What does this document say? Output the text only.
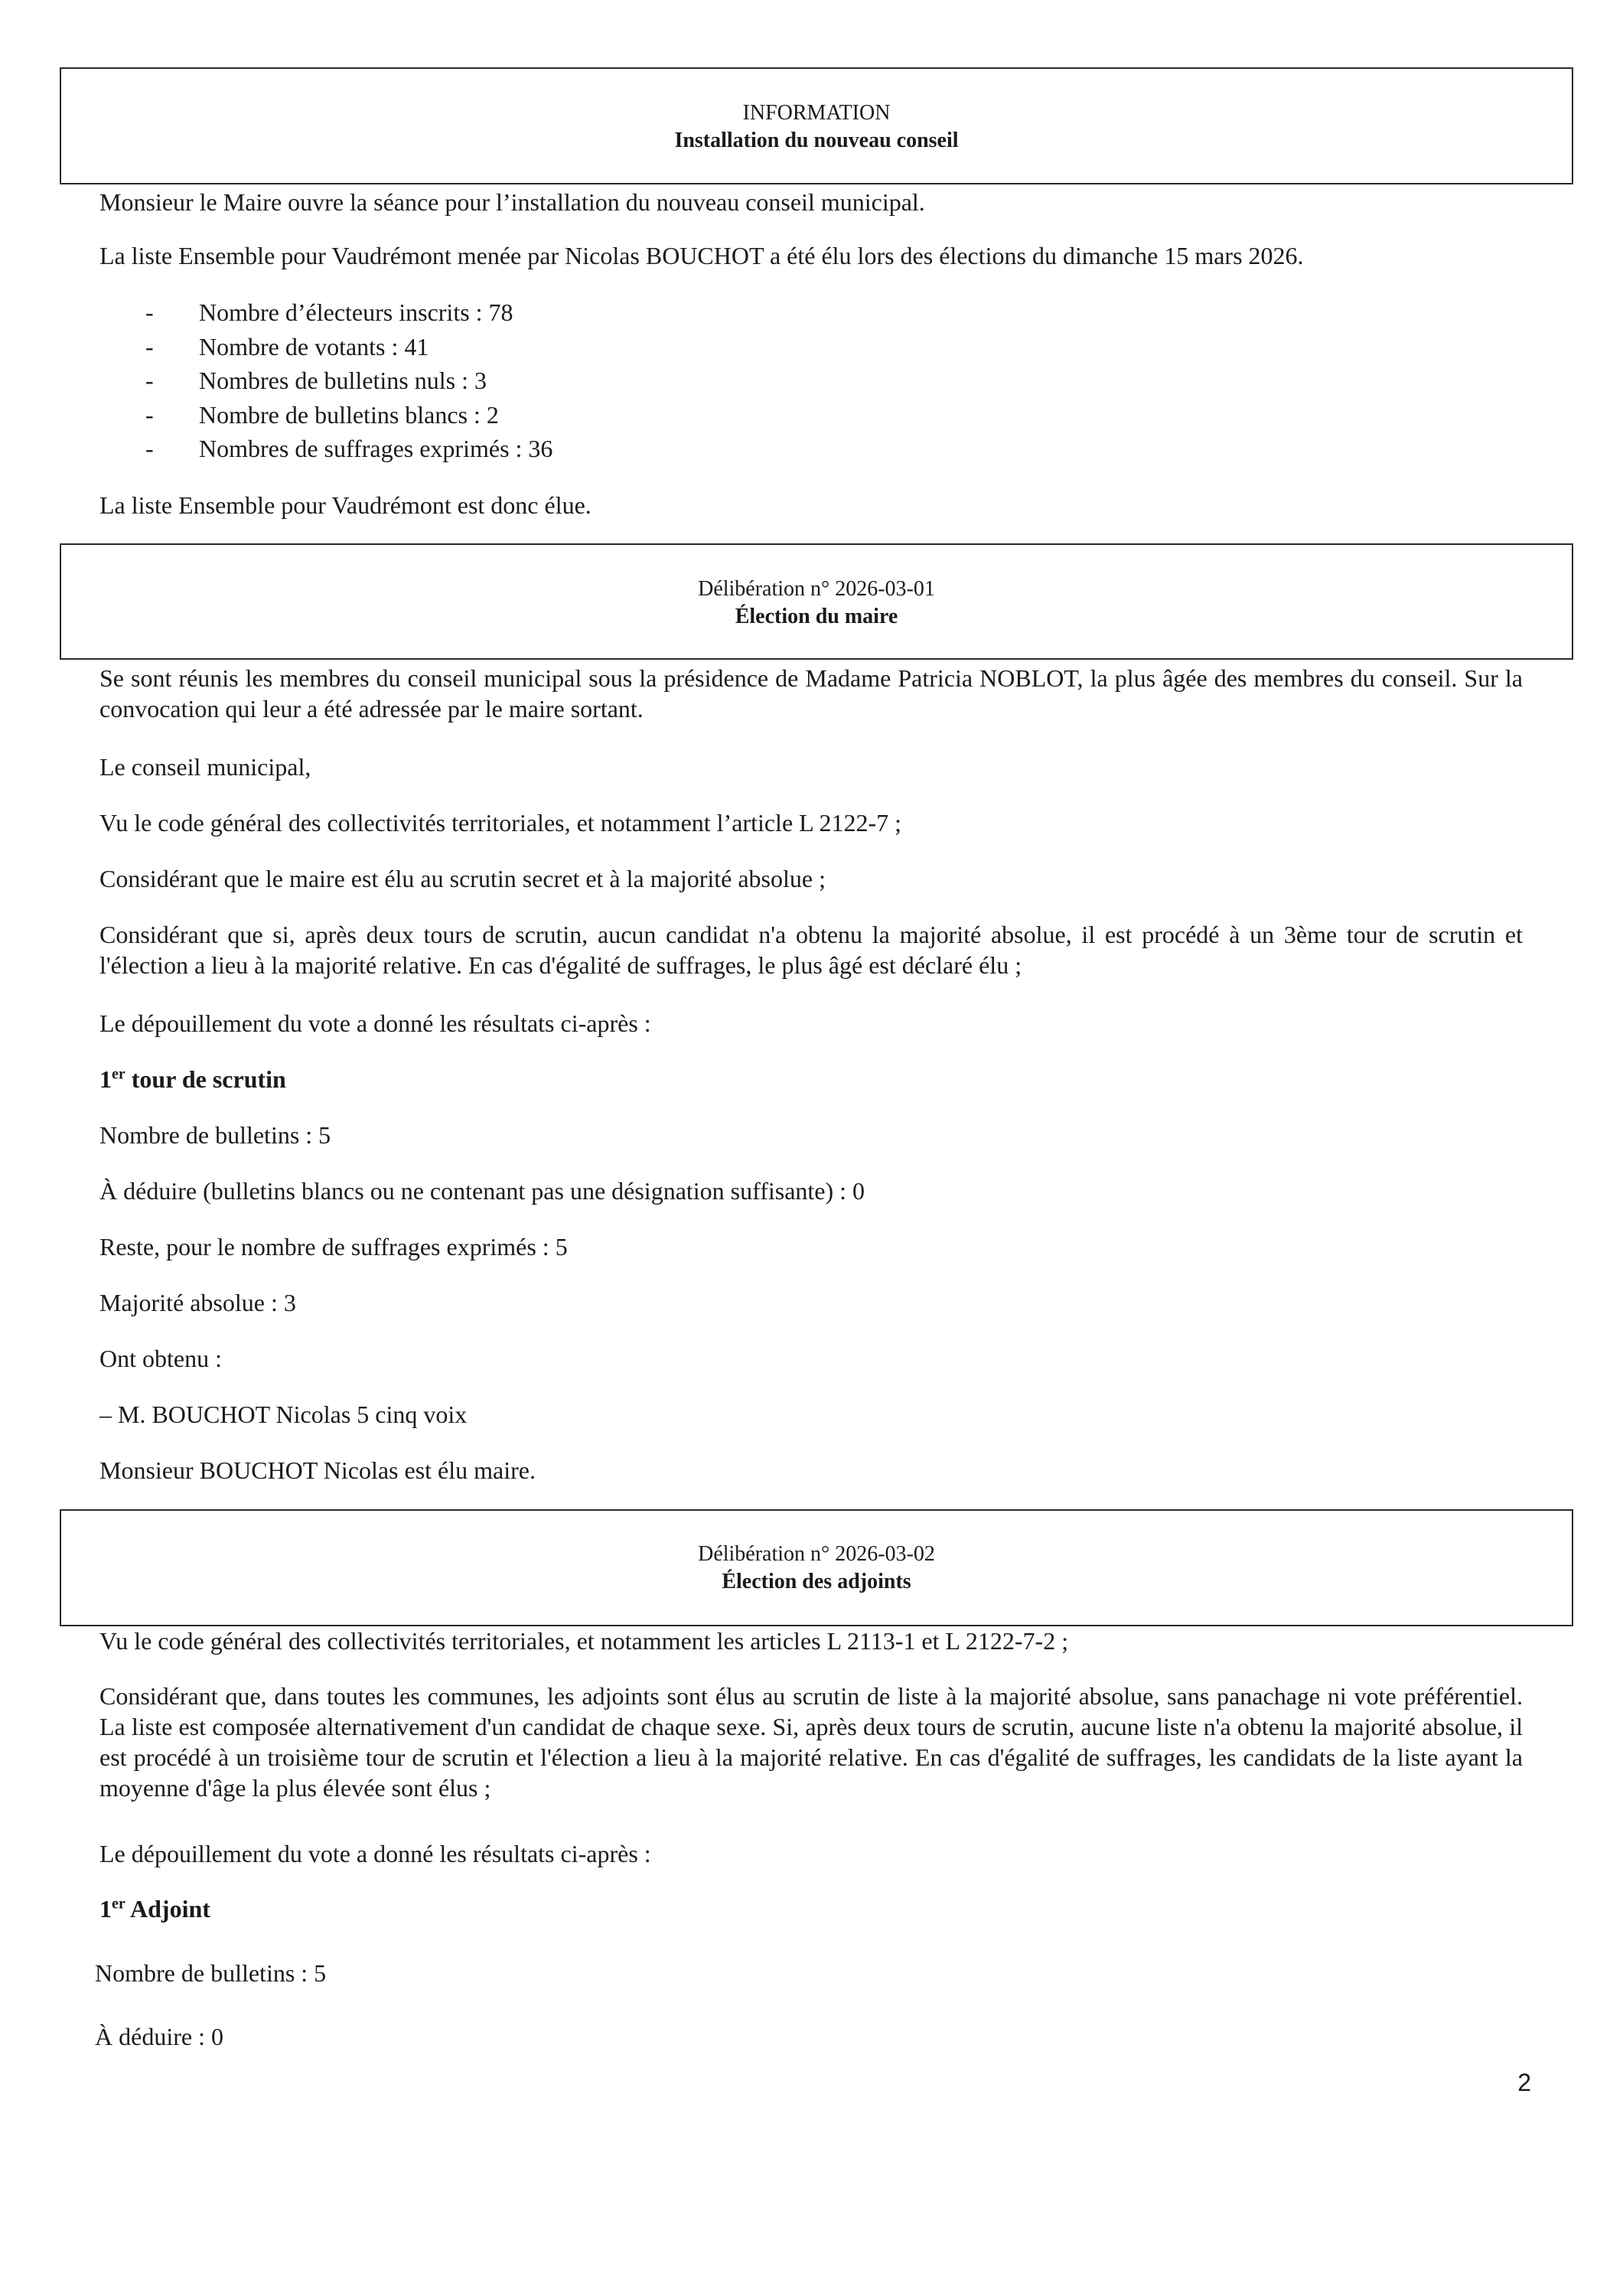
INFORMATION
Installation du nouveau conseil

Monsieur le Maire ouvre la séance pour l’installation du nouveau conseil municipal.

La liste Ensemble pour Vaudrémont menée par Nicolas BOUCHOT a été élu lors des élections du dimanche 15 mars 2026.

- Nombre d’électeurs inscrits : 78
- Nombre de votants : 41
- Nombres de bulletins nuls : 3
- Nombre de bulletins blancs : 2
- Nombres de suffrages exprimés : 36

La liste Ensemble pour Vaudrémont est donc élue.

Délibération n° 2026-03-01
Élection du maire

Se sont réunis les membres du conseil municipal sous la présidence de Madame Patricia NOBLOT, la plus âgée des membres du conseil. Sur la convocation qui leur a été adressée par le maire sortant.

Le conseil municipal,

Vu le code général des collectivités territoriales, et notamment l’article L 2122-7 ;

Considérant que le maire est élu au scrutin secret et à la majorité absolue ;

Considérant que si, après deux tours de scrutin, aucun candidat n'a obtenu la majorité absolue, il est procédé à un 3ème tour de scrutin et l'élection a lieu à la majorité relative. En cas d'égalité de suffrages, le plus âgé est déclaré élu ;

Le dépouillement du vote a donné les résultats ci-après :

1er tour de scrutin

Nombre de bulletins : 5

À déduire (bulletins blancs ou ne contenant pas une désignation suffisante) : 0

Reste, pour le nombre de suffrages exprimés : 5

Majorité absolue : 3

Ont obtenu :

– M. BOUCHOT Nicolas 5 cinq voix

Monsieur BOUCHOT Nicolas est élu maire.

Délibération n° 2026-03-02
Élection des adjoints

Vu le code général des collectivités territoriales, et notamment les articles L 2113-1 et L 2122-7-2 ;

Considérant que, dans toutes les communes, les adjoints sont élus au scrutin de liste à la majorité absolue, sans panachage ni vote préférentiel. La liste est composée alternativement d'un candidat de chaque sexe. Si, après deux tours de scrutin, aucune liste n'a obtenu la majorité absolue, il est procédé à un troisième tour de scrutin et l'élection a lieu à la majorité relative. En cas d'égalité de suffrages, les candidats de la liste ayant la moyenne d'âge la plus élevée sont élus ;

Le dépouillement du vote a donné les résultats ci-après :

1er Adjoint

Nombre de bulletins : 5

À déduire : 0

2
